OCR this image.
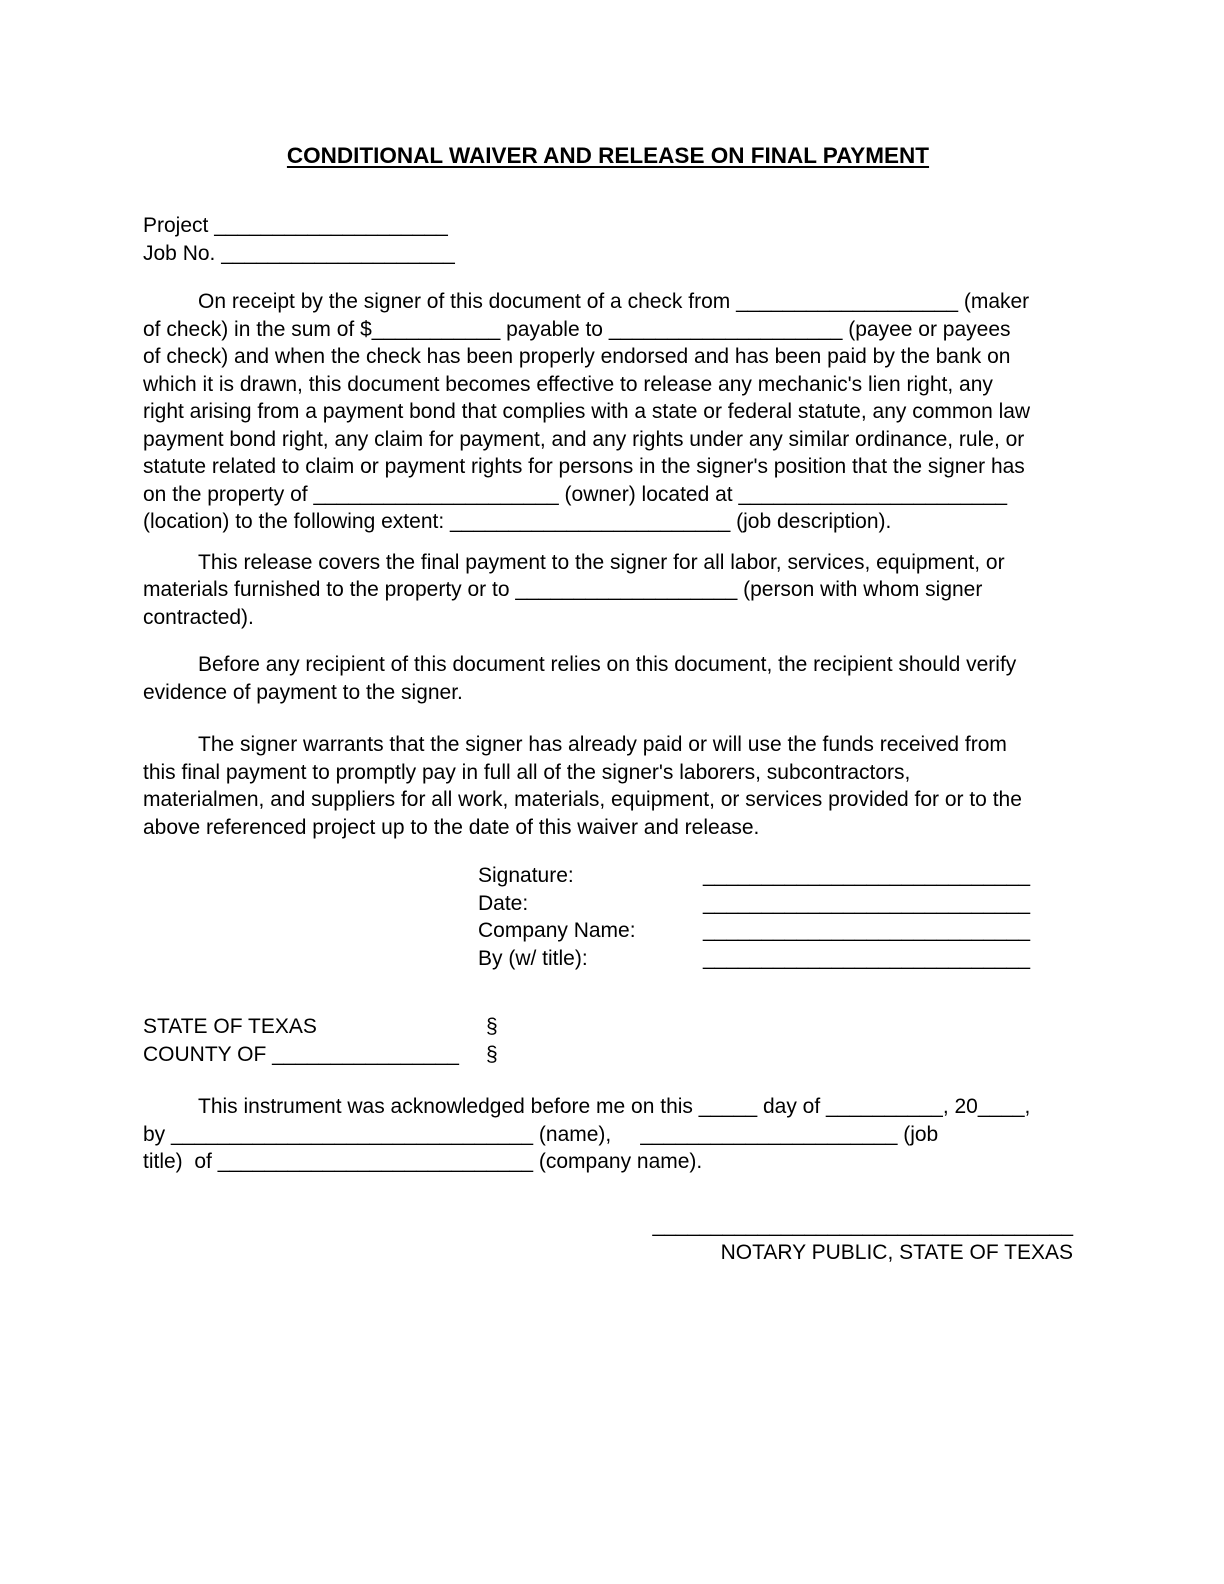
CONDITIONAL WAIVER AND RELEASE ON FINAL PAYMENT
Project ____________________
Job No. ____________________
On receipt by the signer of this document of a check from ___________________ (maker
of check) in the sum of $___________ payable to ____________________ (payee or payees
of check) and when the check has been properly endorsed and has been paid by the bank on
which it is drawn, this document becomes effective to release any mechanic's lien right, any
right arising from a payment bond that complies with a state or federal statute, any common law
payment bond right, any claim for payment, and any rights under any similar ordinance, rule, or
statute related to claim or payment rights for persons in the signer's position that the signer has
on the property of _____________________ (owner) located at _______________________
(location) to the following extent: ________________________ (job description).
This release covers the final payment to the signer for all labor, services, equipment, or
materials furnished to the property or to ___________________ (person with whom signer
contracted).
Before any recipient of this document relies on this document, the recipient should verify
evidence of payment to the signer.
The signer warrants that the signer has already paid or will use the funds received from
this final payment to promptly pay in full all of the signer's laborers, subcontractors,
materialmen, and suppliers for all work, materials, equipment, or services provided for or to the
above referenced project up to the date of this waiver and release.
Signature:	____________________________
Date:	____________________________
Company Name:	____________________________
By (w/ title):	____________________________
STATE OF TEXAS	§
COUNTY OF ________________	§
This instrument was acknowledged before me on this _____ day of __________, 20____,
by _______________________________ (name),     ______________________ (job
title)  of ___________________________ (company name).
____________________________________
NOTARY PUBLIC, STATE OF TEXAS
